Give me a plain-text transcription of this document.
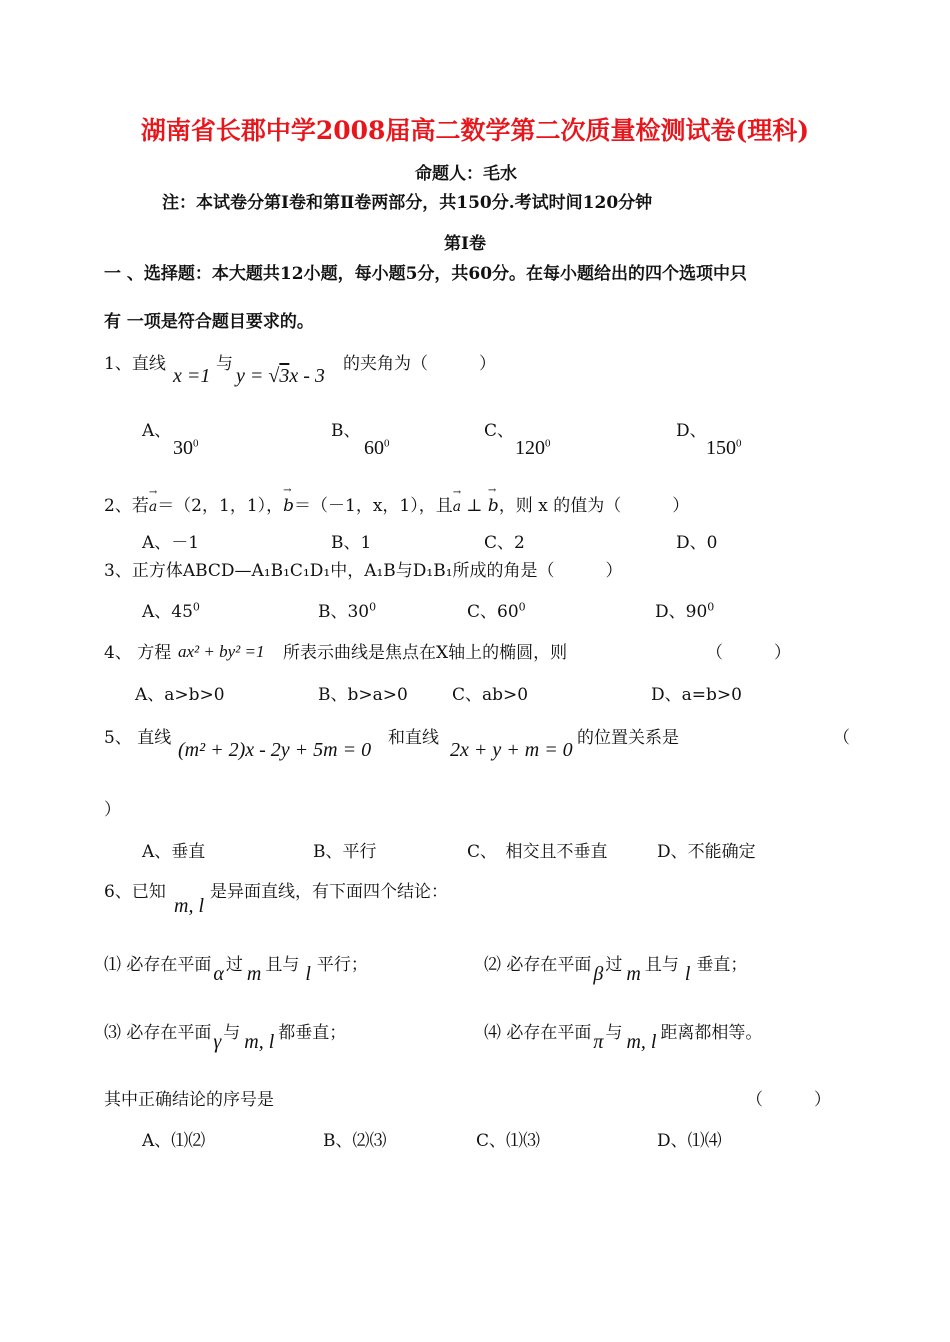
湖南省长郡中学2008届高二数学第二次质量检测试卷(理科)
命题人：毛水
注：本试卷分第Ⅰ卷和第Ⅱ卷两部分，共150分.考试时间120分钟
第Ⅰ卷
一 、选择题：本大题共12小题，每小题5分，共60分。在每小题给出的四个选项中只
有 一项是符合题目要求的。
1、直线
x =1
与
y = √3x - 3
的夹角为（　　　）
A、
$30^0$
B、
$60^0$
C、
$120^0$
D、
$150^0$
2、若→ a＝（2，1，1），→ b＝（－1，x，1），且→ a ⊥ → b，则 x 的值为（　　　）
A、－1	B、1	C、2	D、0
3、正方体ABCD—A₁B₁C₁D₁中，A₁B与D₁B₁所成的角是（　　　）
A、$45^0$	B、$30^0$	C、$60^0$	D、$90^0$
4、 方程 ax² + by² =1 所表示曲线是焦点在X轴上的椭圆，则	（　　　）
A、a>b>0	B、b>a>0	C、ab>0	D、a=b>0
5、 直线
(m² + 2)x - 2y + 5m = 0
和直线
2x + y + m = 0
的位置关系是	（
）
A、垂直	B、平行	C、　相交且不垂直	D、不能确定
6、已知
m, l
是异面直线，有下面四个结论：
⑴ 必存在平面 α 过 m 且与 l 平行；	⑵ 必存在平面 β 过 m 且与 l 垂直；
⑶ 必存在平面 γ 与 m, l 都垂直；	⑷ 必存在平面 π 与 m, l 距离都相等。
其中正确结论的序号是	（　　　）
A、⑴⑵	B、⑵⑶	C、⑴⑶	D、⑴⑷
